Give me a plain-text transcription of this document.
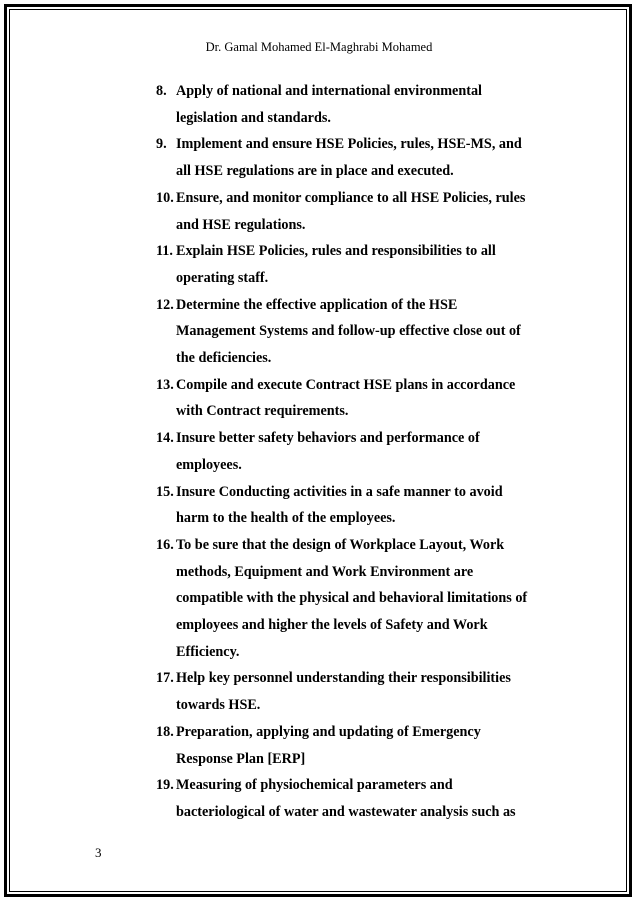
Dr. Gamal Mohamed El-Maghrabi Mohamed
8. Apply of national and international environmental
legislation and standards.
9. Implement and ensure HSE Policies, rules, HSE-MS, and
all HSE regulations are in place and executed.
10. Ensure, and monitor compliance to all HSE Policies, rules
and HSE regulations.
11. Explain HSE Policies, rules and responsibilities to all
operating staff.
12. Determine the effective application of the HSE
Management Systems and follow-up effective close out of
the deficiencies.
13. Compile and execute Contract HSE plans in accordance
with Contract requirements.
14. Insure better safety behaviors and performance of
employees.
15. Insure Conducting activities in a safe manner to avoid
harm to the health of the employees.
16. To be sure that the design of Workplace Layout, Work
methods, Equipment and Work Environment are
compatible with the physical and behavioral limitations of
employees and higher the levels of Safety and Work
Efficiency.
17. Help key personnel understanding their responsibilities
towards HSE.
18. Preparation, applying and updating of Emergency
Response Plan [ERP]
19. Measuring of physiochemical parameters and
bacteriological of water and wastewater analysis such as
3
